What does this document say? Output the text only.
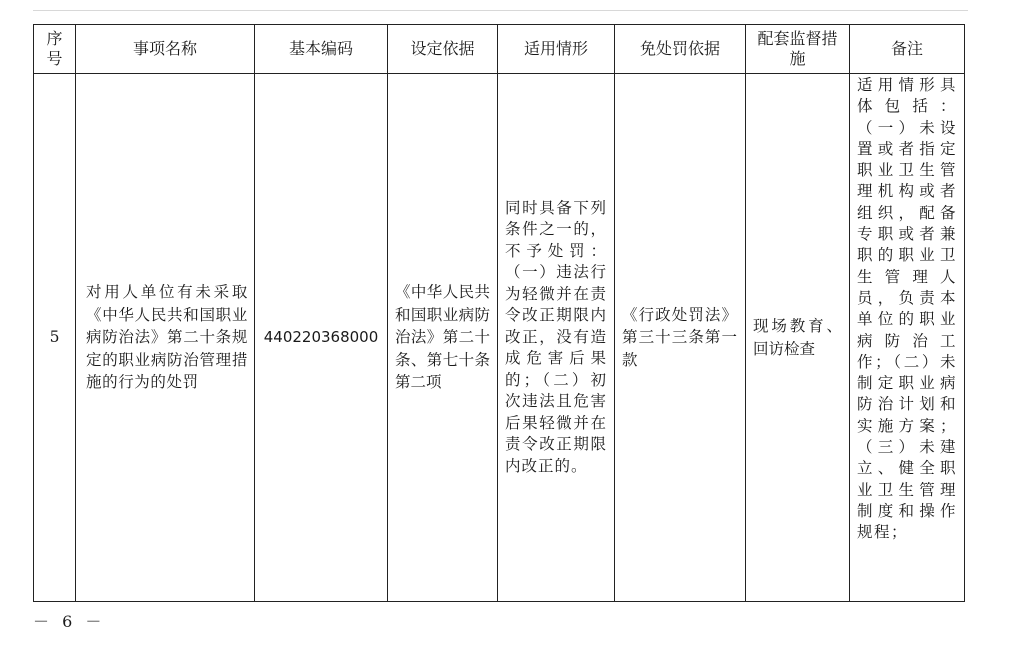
序号	事项名称	基本编码	设定依据	适用情形	免处罚依据	配套监督措施	备注
5	对用人单位有未采取《中华人民共和国职业病防治法》第二十条规定的职业病防治管理措施的行为的处罚	440220368000	《中华人民共和国职业病防治法》第二十条、第七十条第二项	同时具备下列条件之一的，不予处罚：（一）违法行为轻微并在责令改正期限内改正，没有造成危害后果的；（二）初次违法且危害后果轻微并在责令改正期限内改正的。	《行政处罚法》第三十三条第一款	现场教育、回访检查	适用情形具体包括：（一）未设置或者指定职业卫生管理机构或者组织，配备专职或者兼职的职业卫生管理人员，负责本单位的职业病防治工作；（二）未制定职业病防治计划和实施方案；（三）未建立、健全职业卫生管理制度和操作规程；
－ 6 －
